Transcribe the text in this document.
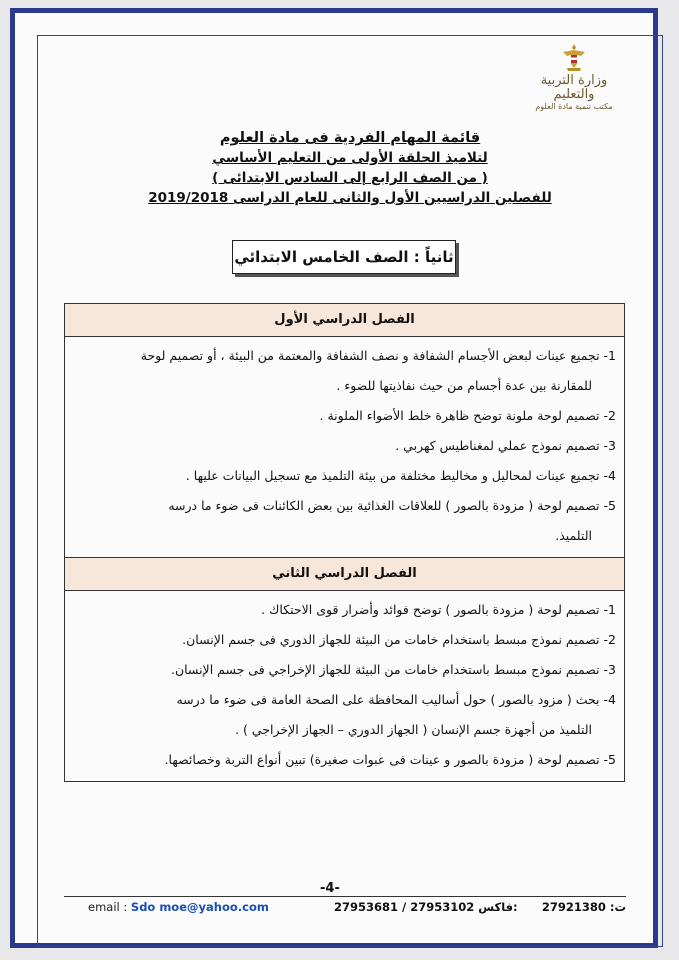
وزارة التربية والتعليم
مكتب تنمية مادة العلوم
قائمة المهام الفردية فى مادة العلوم
لتلاميذ الحلقة الأولى من التعليم الأساسي
( من الصف الرابع إلى السادس الابتدائى )
للفصلين الدراسيين الأول والثانى للعام الدراسى 2019/2018
ثانياً : الصف الخامس الابتدائي
الفصل الدراسي الأول
1- تجميع عينات لبعض الأجسام الشفافة و نصف الشفافة والمعتمة من البيئة ، أو تصميم لوحة
للمقارنة بين عدة أجسام من حيث نفاذيتها للضوء .
2- تصميم لوحة ملونة توضح ظاهرة خلط الأضواء الملونة .
3- تصميم نموذج عملي لمغناطيس كهربي .
4- تجميع عينات لمحاليل و مخاليط مختلفة من بيئة التلميذ مع تسجيل البيانات عليها .
5- تصميم لوحة ( مزودة بالصور ) للعلاقات الغذائية بين بعض الكائنات فى ضوء ما درسه
التلميذ.
الفصل الدراسي الثاني
1- تصميم لوحة ( مزودة بالصور ) توضح فوائد وأضرار قوى الاحتكاك .
2- تصميم نموذج مبسط باستخدام خامات من البيئة للجهاز الدوري فى جسم الإنسان.
3- تصميم نموذج مبسط باستخدام خامات من البيئة للجهاز الإخراجي فى جسم الإنسان.
4- بحث ( مزود بالصور ) حول أساليب المحافظة على الصحة العامة فى ضوء ما درسه
التلميذ من أجهزة جسم الإنسان ( الجهاز الدوري – الجهاز الإخراجي ) .
5- تصميم لوحة ( مزودة بالصور و عينات فى عبوات صغيرة) تبين أنواع التربة وخصائصها.
-4-
email : Sdo moe@yahoo.com	27953681 / 27953102 فاكس: 27921380 :ت
